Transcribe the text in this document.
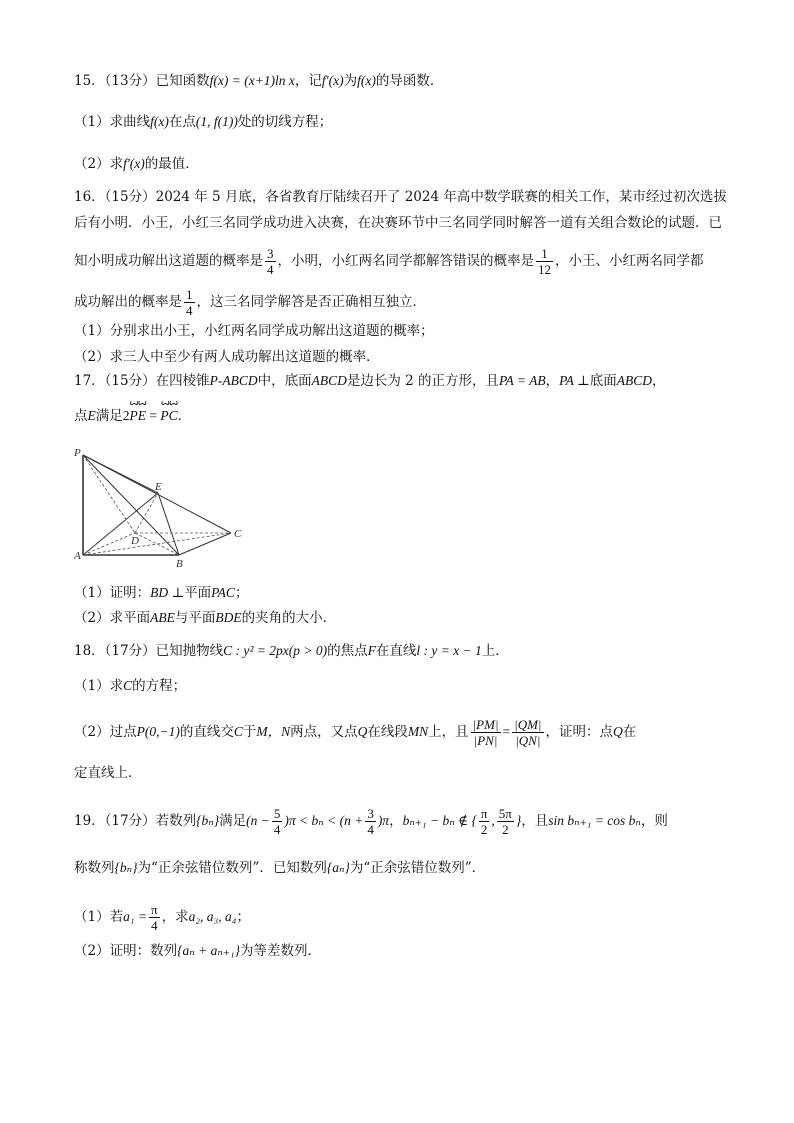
15．（13分）已知函数f(x) = (x+1)ln x，记f′(x)为f(x)的导函数．
（1）求曲线f(x)在点(1, f(1))处的切线方程；
（2）求f′(x)的最值．
16．（15分）2024 年 5 月底，各省教育厅陆续召开了 2024 年高中数学联赛的相关工作，某市经过初次选拔
后有小明．小王，小红三名同学成功进入决赛，在决赛环节中三名同学同时解答一道有关组合数论的试题．已
知小明成功解出这道题的概率是 $\frac{3}{4}$ ，小明，小红两名同学都解答错误的概率是 $\frac{1}{12}$ ，小王、小红两名同学都
成功解出的概率是 $\frac{1}{4}$ ，这三名同学解答是否正确相互独立．
（1）分别求出小王，小红两名同学成功解出这道题的概率；
（2）求三人中至少有两人成功解出这道题的概率．
17．（15分）在四棱锥P-ABCD中，底面ABCD是边长为 2 的正方形，且PA = AB，PA ⊥底面ABCD，
点E满足2
ꙍꙍ
PE =
ꙍꙍ
PC．
P
E
C
D
A
B
（1）证明：BD ⊥平面PAC；
（2）求平面ABE与平面BDE的夹角的大小．
18．（17分）已知抛物线C : y² = 2px(p > 0)的焦点F在直线l : y = x − 1上．
（1）求C的方程；
（2）过点P(0,−1)的直线交C于M，N两点，又点Q在线段MN上，且 $\frac{|PM|}{|PN|} = \frac{|QM|}{|QN|}$ ，证明：点Q在
定直线上．
19．（17分）若数列{bₙ}满足$(n - \frac{5}{4} )\pi < b_n < (n + \frac{3}{4} )\pi$，bₙ₊₁ − bₙ ∉ { $\frac{\pi}{2}$ , $\frac{5\pi}{2}$ }，且sin bₙ₊₁ = cos bₙ，则
称数列{bₙ}为“正余弦错位数列”．已知数列{aₙ}为“正余弦错位数列”．
（1）若$a_1 = \frac{\pi}{4}$ ，求a₂, a₃, a₄；
（2）证明：数列{aₙ + aₙ₊₁}为等差数列．
